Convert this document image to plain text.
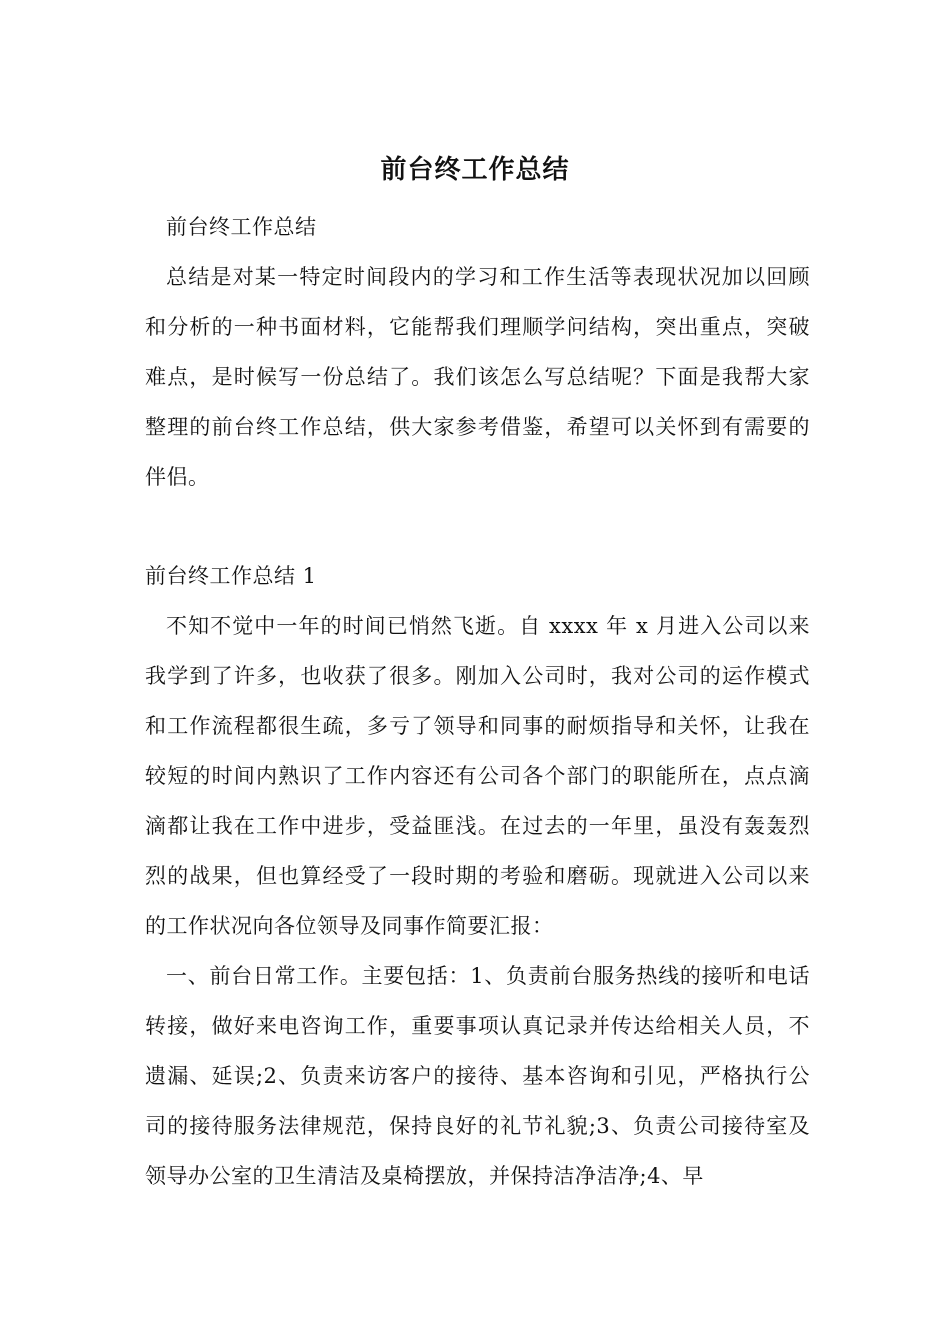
前台终工作总结

前台终工作总结

总结是对某一特定时间段内的学习和工作生活等表现状况加以回顾和分析的一种书面材料，它能帮我们理顺学问结构，突出重点，突破难点，是时候写一份总结了。我们该怎么写总结呢？下面是我帮大家整理的前台终工作总结，供大家参考借鉴，希望可以关怀到有需要的伴侣。

前台终工作总结 1

不知不觉中一年的时间已悄然飞逝。自 xxxx 年 x 月进入公司以来我学到了许多，也收获了很多。刚加入公司时，我对公司的运作模式和工作流程都很生疏，多亏了领导和同事的耐烦指导和关怀，让我在较短的时间内熟识了工作内容还有公司各个部门的职能所在，点点滴滴都让我在工作中进步，受益匪浅。在过去的一年里，虽没有轰轰烈烈的战果，但也算经受了一段时期的考验和磨砺。现就进入公司以来的工作状况向各位领导及同事作简要汇报：

一、前台日常工作。主要包括：1、负责前台服务热线的接听和电话转接，做好来电咨询工作，重要事项认真记录并传达给相关人员，不遗漏、延误;2、负责来访客户的接待、基本咨询和引见，严格执行公司的接待服务法律规范，保持良好的礼节礼貌;3、负责公司接待室及领导办公室的卫生清洁及桌椅摆放，并保持洁净洁净;4、早
